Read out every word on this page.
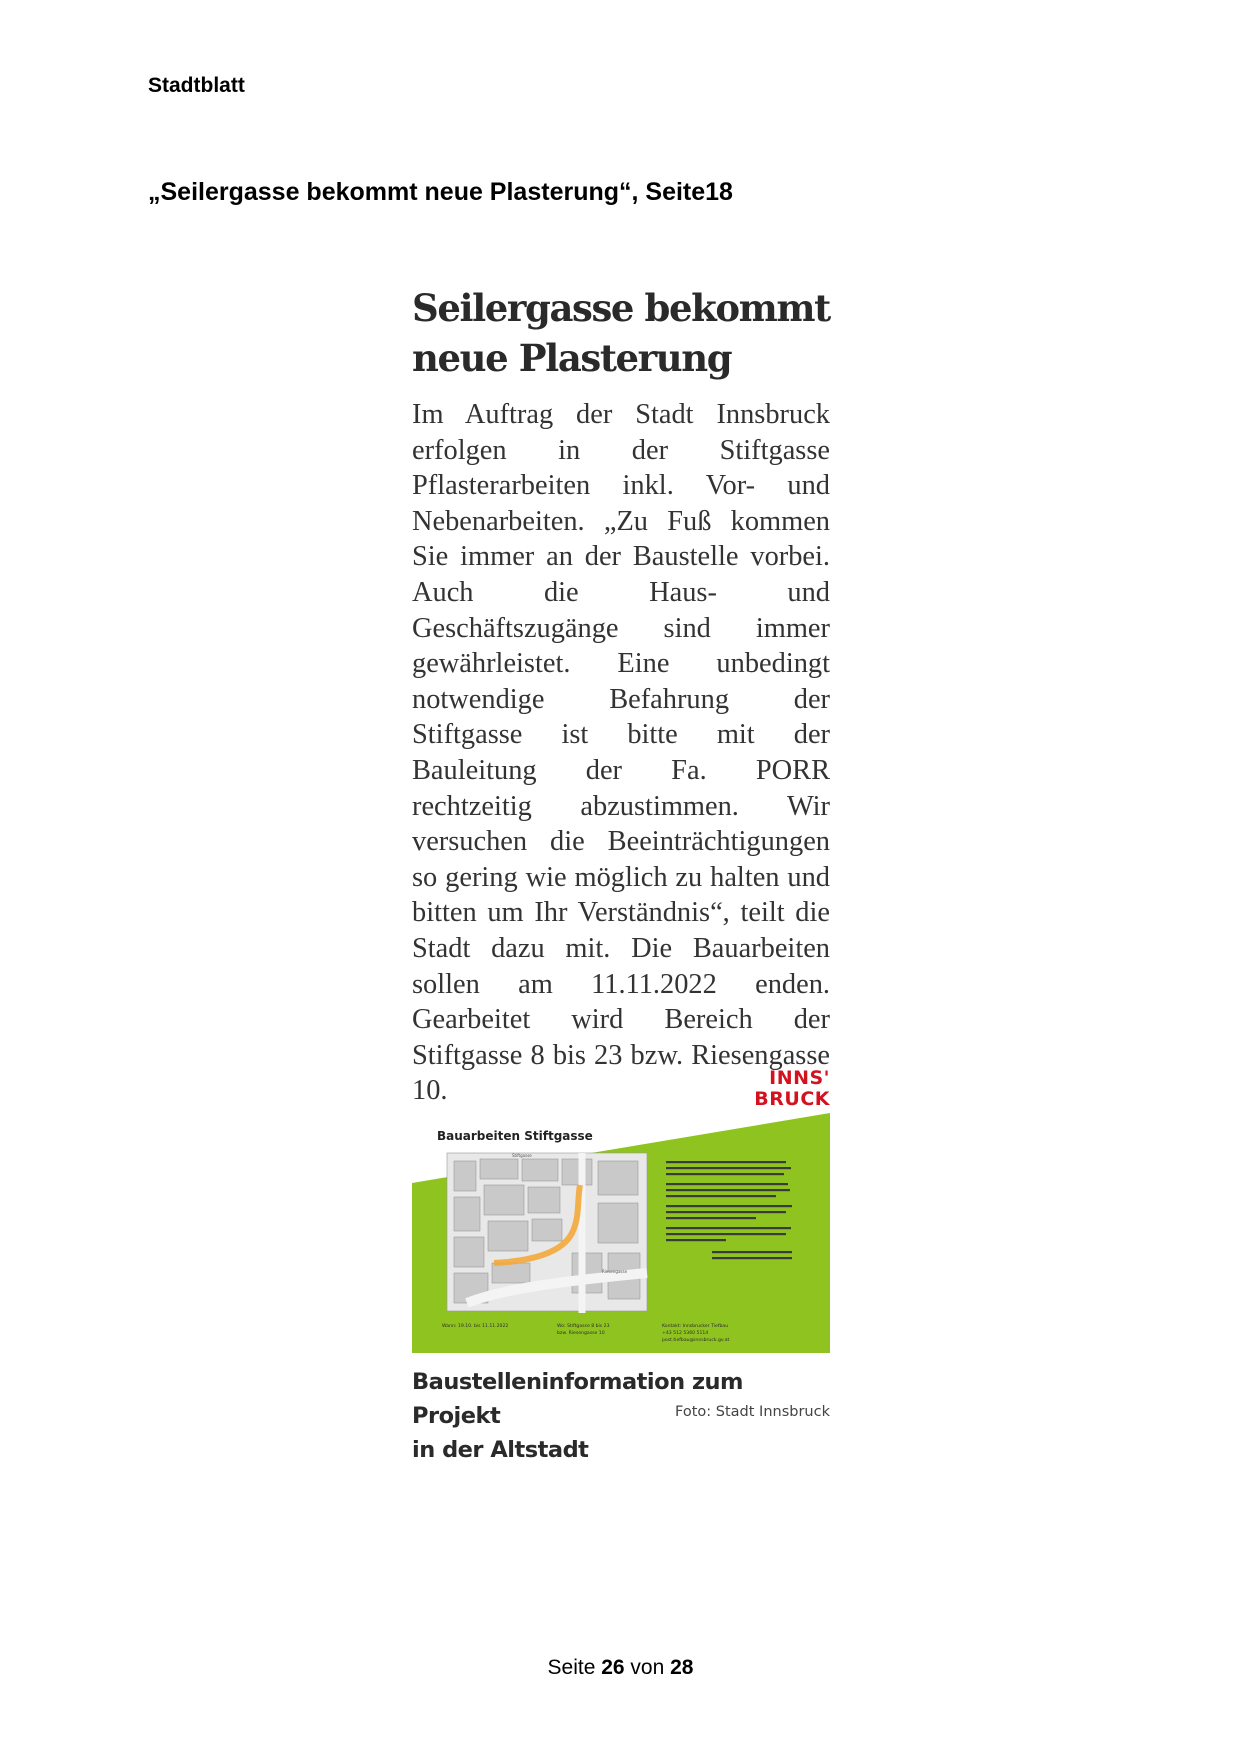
Stadtblatt
„Seilergasse bekommt neue Plasterung“, Seite18
Seilergasse bekommt
neue Plasterung
Im Auftrag der Stadt Innsbruck erfolgen in der Stiftgasse Pflasterarbeiten inkl. Vor- und Nebenarbeiten. „Zu Fuß kommen Sie immer an der Baustelle vorbei. Auch die Haus- und Geschäftszugänge sind immer gewährleistet. Eine unbedingt notwendige Befahrung der Stiftgasse ist bitte mit der Bauleitung der Fa. PORR rechtzeitig abzustimmen. Wir versuchen die Beeinträchtigungen so gering wie möglich zu halten und bitten um Ihr Verständnis“, teilt die Stadt dazu mit. Die Bauarbeiten sollen am 11.11.2022 enden. Gearbeitet wird Bereich der Stiftgasse 8 bis 23 bzw. Riesengasse 10.	INNS'
BRUCK
Stiftgasse
Riesengasse
Bauarbeiten Stiftgasse
Wann: 19.10. bis 11.11.2022	Wo: Stiftgasse 8 bis 23
bzw. Riesengasse 10
Kontakt: Innsbrucker Tiefbau
+43 512 5360 5114
post.tiefbau@innsbruck.gv.at
Baustelleninformation zum Projekt
in der Altstadt
Foto: Stadt Innsbruck
Seite 26 von 28
